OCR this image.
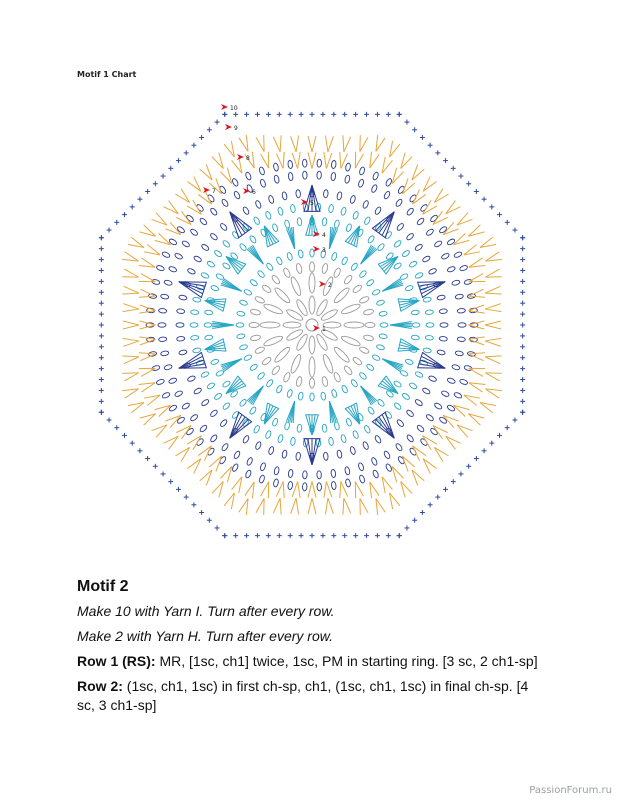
Motif 1 Chart
1
2
3
4
5
6
7
8
9
10
Motif 2
Make 10 with Yarn I. Turn after every row.
Make 2 with Yarn H. Turn after every row.
Row 1 (RS): MR, [1sc, ch1] twice, 1sc, PM in starting ring. [3 sc, 2 ch1-sp]
Row 2: (1sc, ch1, 1sc) in first ch-sp, ch1, (1sc, ch1, 1sc) in final ch-sp. [4 sc, 3 ch1-sp]
PassionForum.ru
